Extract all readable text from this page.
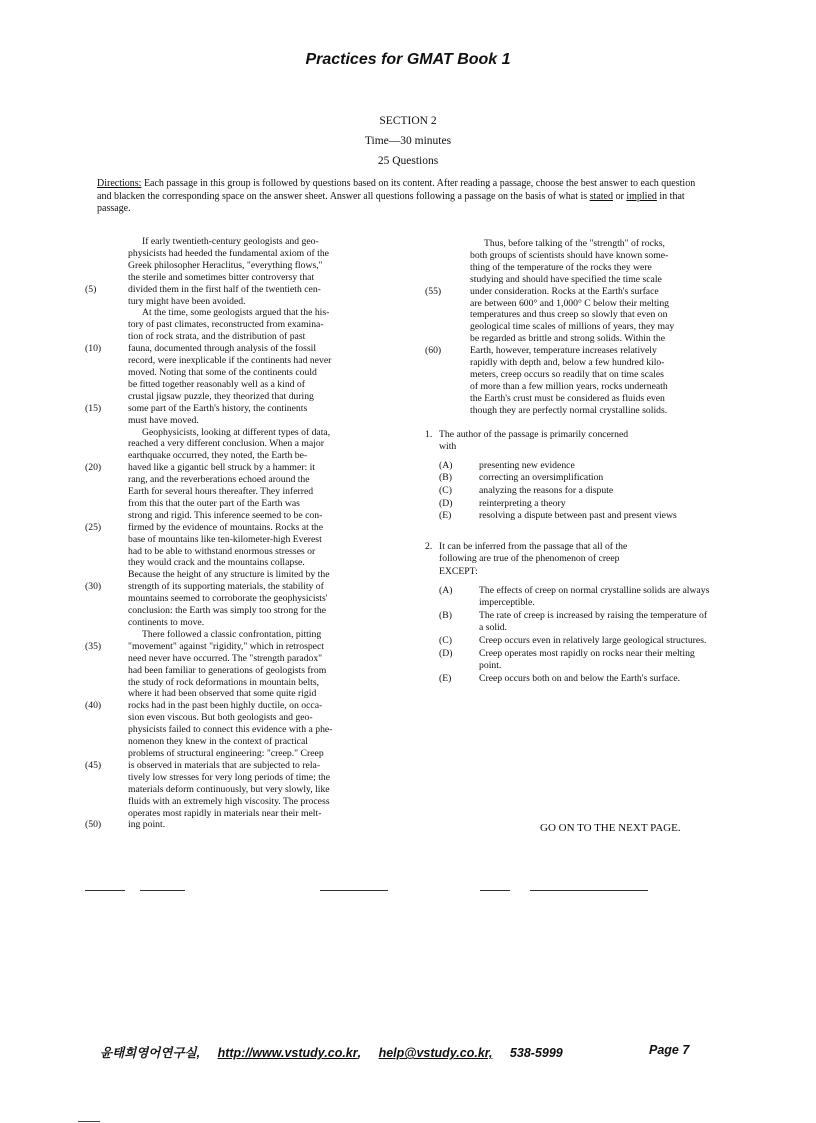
Practices for GMAT Book 1
SECTION 2
Time—30 minutes
25 Questions
Directions: Each passage in this group is followed by questions based on its content. After reading a passage, choose the best answer to each question and blacken the corresponding space on the answer sheet. Answer all questions following a passage on the basis of what is stated or implied in that passage.
If early twentieth-century geologists and geo-
physicists had heeded the fundamental axiom of the
Greek philosopher Heraclitus, "everything flows,"
the sterile and sometimes bitter controversy that
(5)	divided them in the first half of the twentieth cen-
tury might have been avoided.
At the time, some geologists argued that the his-
tory of past climates, reconstructed from examina-
tion of rock strata, and the distribution of past
(10)	fauna, documented through analysis of the fossil
record, were inexplicable if the continents had never
moved. Noting that some of the continents could
be fitted together reasonably well as a kind of
crustal jigsaw puzzle, they theorized that during
(15)	some part of the Earth's history, the continents
must have moved.
Geophysicists, looking at different types of data,
reached a very different conclusion. When a major
earthquake occurred, they noted, the Earth be-
(20)	haved like a gigantic bell struck by a hammer: it
rang, and the reverberations echoed around the
Earth for several hours thereafter. They inferred
from this that the outer part of the Earth was
strong and rigid. This inference seemed to be con-
(25)	firmed by the evidence of mountains. Rocks at the
base of mountains like ten-kilometer-high Everest
had to be able to withstand enormous stresses or
they would crack and the mountains collapse.
Because the height of any structure is limited by the
(30)	strength of its supporting materials, the stability of
mountains seemed to corroborate the geophysicists'
conclusion: the Earth was simply too strong for the
continents to move.
There followed a classic confrontation, pitting
(35)	"movement" against "rigidity," which in retrospect
need never have occurred. The "strength paradox"
had been familiar to generations of geologists from
the study of rock deformations in mountain belts,
where it had been observed that some quite rigid
(40)	rocks had in the past been highly ductile, on occa-
sion even viscous. But both geologists and geo-
physicists failed to connect this evidence with a phe-
nomenon they knew in the context of practical
problems of structural engineering: "creep." Creep
(45)	is observed in materials that are subjected to rela-
tively low stresses for very long periods of time; the
materials deform continuously, but very slowly, like
fluids with an extremely high viscosity. The process
operates most rapidly in materials near their melt-
(50)	ing point.
Thus, before talking of the "strength" of rocks,
both groups of scientists should have known some-
thing of the temperature of the rocks they were
studying and should have specified the time scale
(55)	under consideration. Rocks at the Earth's surface
are between 600° and 1,000° C below their melting
temperatures and thus creep so slowly that even on
geological time scales of millions of years, they may
be regarded as brittle and strong solids. Within the
(60)	Earth, however, temperature increases relatively
rapidly with depth and, below a few hundred kilo-
meters, creep occurs so readily that on time scales
of more than a few million years, rocks underneath
the Earth's crust must be considered as fluids even
though they are perfectly normal crystalline solids.
1. The author of the passage is primarily concerned
with
(A)	presenting new evidence
(B)	correcting an oversimplification
(C)	analyzing the reasons for a dispute
(D)	reinterpreting a theory
(E)	resolving a dispute between past and present views
2. It can be inferred from the passage that all of the
following are true of the phenomenon of creep
EXCEPT:
(A)	The effects of creep on normal crystalline solids are always imperceptible.
(B)	The rate of creep is increased by raising the temperature of a solid.
(C)	Creep occurs even in relatively large geological structures.
(D)	Creep operates most rapidly on rocks near their melting point.
(E)	Creep occurs both on and below the Earth's surface.
GO ON TO THE NEXT PAGE.
윤태희영어연구실, http://www.vstudy.co.kr, help@vstudy.co.kr, 538-5999	Page 7
